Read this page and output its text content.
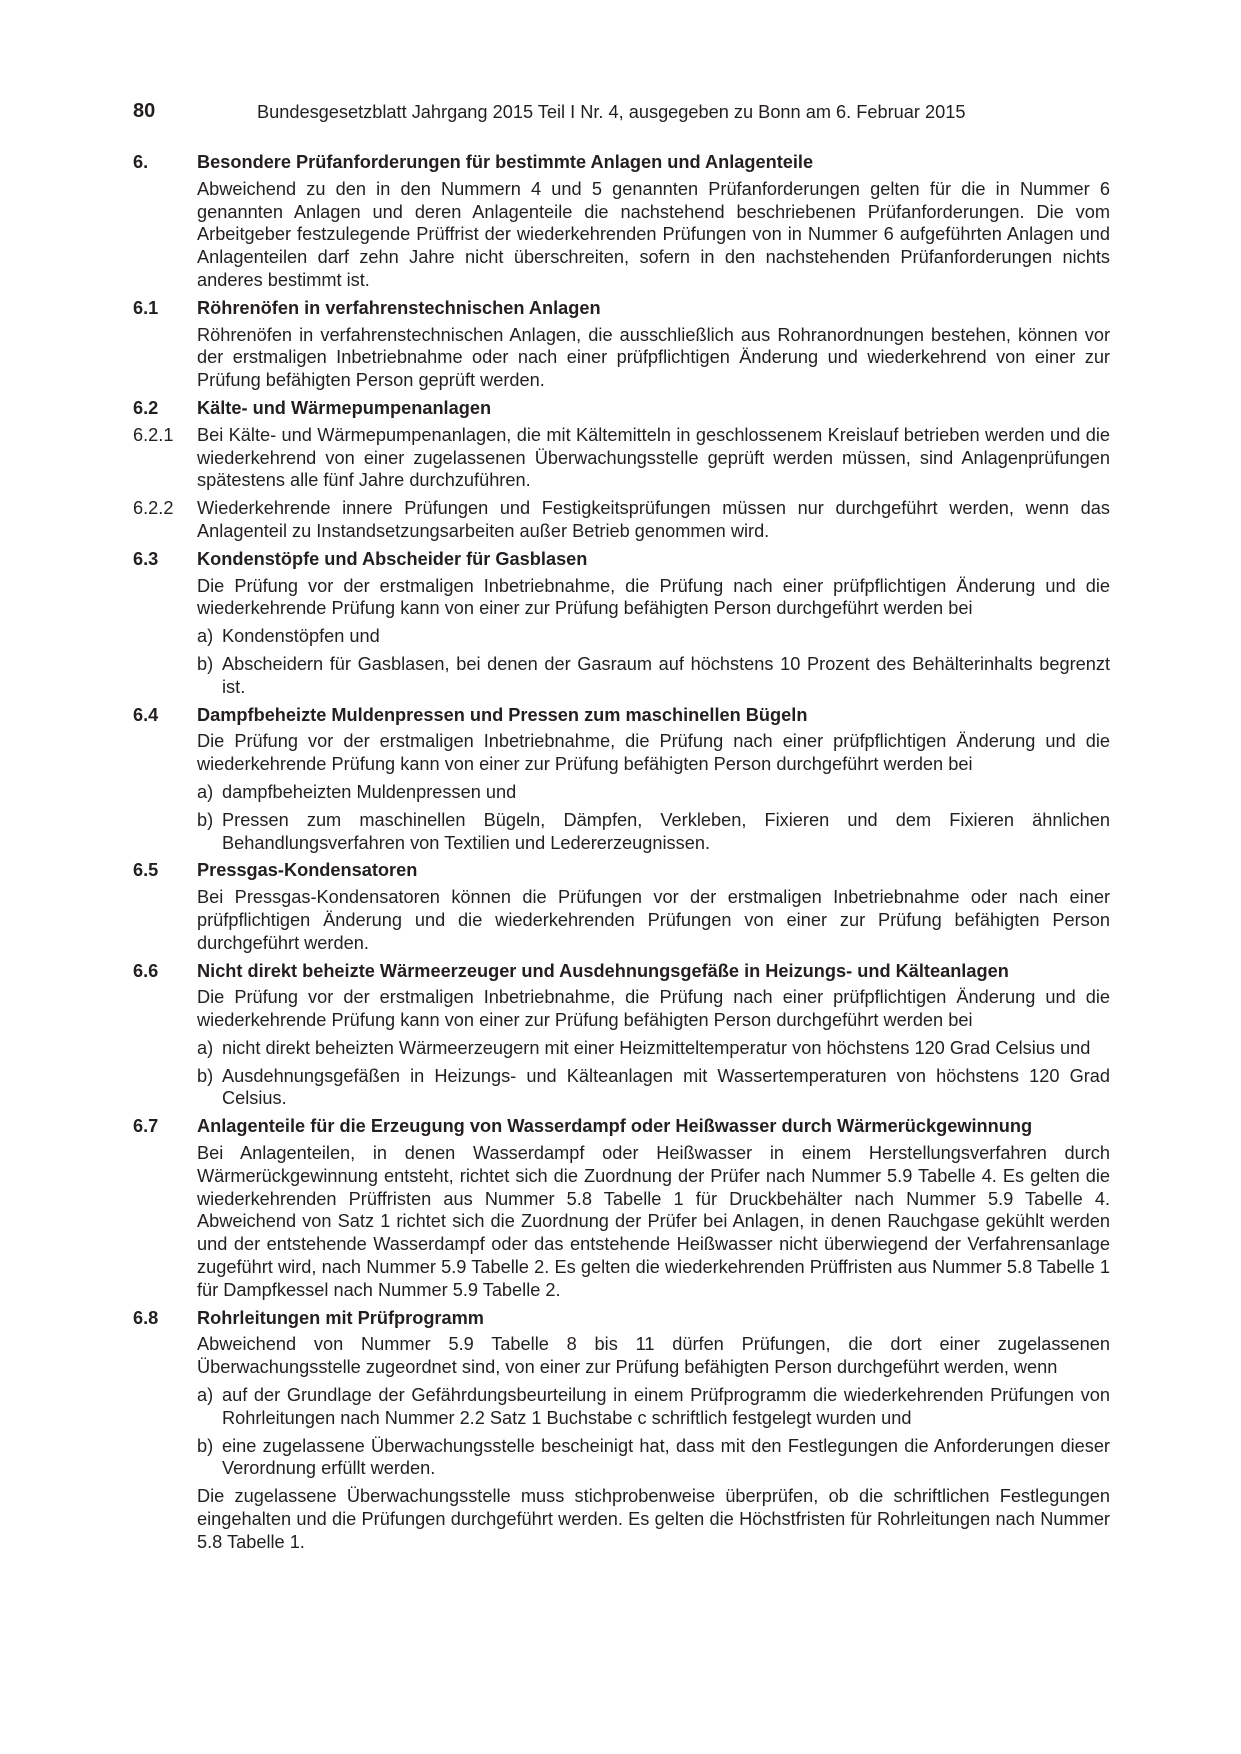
80	Bundesgesetzblatt Jahrgang 2015 Teil I Nr. 4, ausgegeben zu Bonn am 6. Februar 2015
6.	Besondere Prüfanforderungen für bestimmte Anlagen und Anlagenteile
Abweichend zu den in den Nummern 4 und 5 genannten Prüfanforderungen gelten für die in Nummer 6 genannten Anlagen und deren Anlagenteile die nachstehend beschriebenen Prüfanforderungen. Die vom Arbeitgeber festzulegende Prüffrist der wiederkehrenden Prüfungen von in Nummer 6 aufgeführten Anlagen und Anlagenteilen darf zehn Jahre nicht überschreiten, sofern in den nachstehenden Prüfanforderungen nichts anderes bestimmt ist.
6.1	Röhrenöfen in verfahrenstechnischen Anlagen
Röhrenöfen in verfahrenstechnischen Anlagen, die ausschließlich aus Rohranordnungen bestehen, können vor der erstmaligen Inbetriebnahme oder nach einer prüfpflichtigen Änderung und wiederkehrend von einer zur Prüfung befähigten Person geprüft werden.
6.2	Kälte- und Wärmepumpenanlagen
6.2.1	Bei Kälte- und Wärmepumpenanlagen, die mit Kältemitteln in geschlossenem Kreislauf betrieben werden und die wiederkehrend von einer zugelassenen Überwachungsstelle geprüft werden müssen, sind Anlagenprüfungen spätestens alle fünf Jahre durchzuführen.
6.2.2	Wiederkehrende innere Prüfungen und Festigkeitsprüfungen müssen nur durchgeführt werden, wenn das Anlagenteil zu Instandsetzungsarbeiten außer Betrieb genommen wird.
6.3	Kondenstöpfe und Abscheider für Gasblasen
Die Prüfung vor der erstmaligen Inbetriebnahme, die Prüfung nach einer prüfpflichtigen Änderung und die wiederkehrende Prüfung kann von einer zur Prüfung befähigten Person durchgeführt werden bei
a) Kondenstöpfen und
b) Abscheidern für Gasblasen, bei denen der Gasraum auf höchstens 10 Prozent des Behälterinhalts begrenzt ist.
6.4	Dampfbeheizte Muldenpressen und Pressen zum maschinellen Bügeln
Die Prüfung vor der erstmaligen Inbetriebnahme, die Prüfung nach einer prüfpflichtigen Änderung und die wiederkehrende Prüfung kann von einer zur Prüfung befähigten Person durchgeführt werden bei
a) dampfbeheizten Muldenpressen und
b) Pressen zum maschinellen Bügeln, Dämpfen, Verkleben, Fixieren und dem Fixieren ähnlichen Behandlungsverfahren von Textilien und Ledererzeugnissen.
6.5	Pressgas-Kondensatoren
Bei Pressgas-Kondensatoren können die Prüfungen vor der erstmaligen Inbetriebnahme oder nach einer prüfpflichtigen Änderung und die wiederkehrenden Prüfungen von einer zur Prüfung befähigten Person durchgeführt werden.
6.6	Nicht direkt beheizte Wärmeerzeuger und Ausdehnungsgefäße in Heizungs- und Kälteanlagen
Die Prüfung vor der erstmaligen Inbetriebnahme, die Prüfung nach einer prüfpflichtigen Änderung und die wiederkehrende Prüfung kann von einer zur Prüfung befähigten Person durchgeführt werden bei
a) nicht direkt beheizten Wärmeerzeugern mit einer Heizmitteltemperatur von höchstens 120 Grad Celsius und
b) Ausdehnungsgefäßen in Heizungs- und Kälteanlagen mit Wassertemperaturen von höchstens 120 Grad Celsius.
6.7	Anlagenteile für die Erzeugung von Wasserdampf oder Heißwasser durch Wärmerückgewinnung
Bei Anlagenteilen, in denen Wasserdampf oder Heißwasser in einem Herstellungsverfahren durch Wärmerückgewinnung entsteht, richtet sich die Zuordnung der Prüfer nach Nummer 5.9 Tabelle 4. Es gelten die wiederkehrenden Prüffristen aus Nummer 5.8 Tabelle 1 für Druckbehälter nach Nummer 5.9 Tabelle 4. Abweichend von Satz 1 richtet sich die Zuordnung der Prüfer bei Anlagen, in denen Rauchgase gekühlt werden und der entstehende Wasserdampf oder das entstehende Heißwasser nicht überwiegend der Verfahrensanlage zugeführt wird, nach Nummer 5.9 Tabelle 2. Es gelten die wiederkehrenden Prüffristen aus Nummer 5.8 Tabelle 1 für Dampfkessel nach Nummer 5.9 Tabelle 2.
6.8	Rohrleitungen mit Prüfprogramm
Abweichend von Nummer 5.9 Tabelle 8 bis 11 dürfen Prüfungen, die dort einer zugelassenen Überwachungsstelle zugeordnet sind, von einer zur Prüfung befähigten Person durchgeführt werden, wenn
a) auf der Grundlage der Gefährdungsbeurteilung in einem Prüfprogramm die wiederkehrenden Prüfungen von Rohrleitungen nach Nummer 2.2 Satz 1 Buchstabe c schriftlich festgelegt wurden und
b) eine zugelassene Überwachungsstelle bescheinigt hat, dass mit den Festlegungen die Anforderungen dieser Verordnung erfüllt werden.
Die zugelassene Überwachungsstelle muss stichprobenweise überprüfen, ob die schriftlichen Festlegungen eingehalten und die Prüfungen durchgeführt werden. Es gelten die Höchstfristen für Rohrleitungen nach Nummer 5.8 Tabelle 1.
